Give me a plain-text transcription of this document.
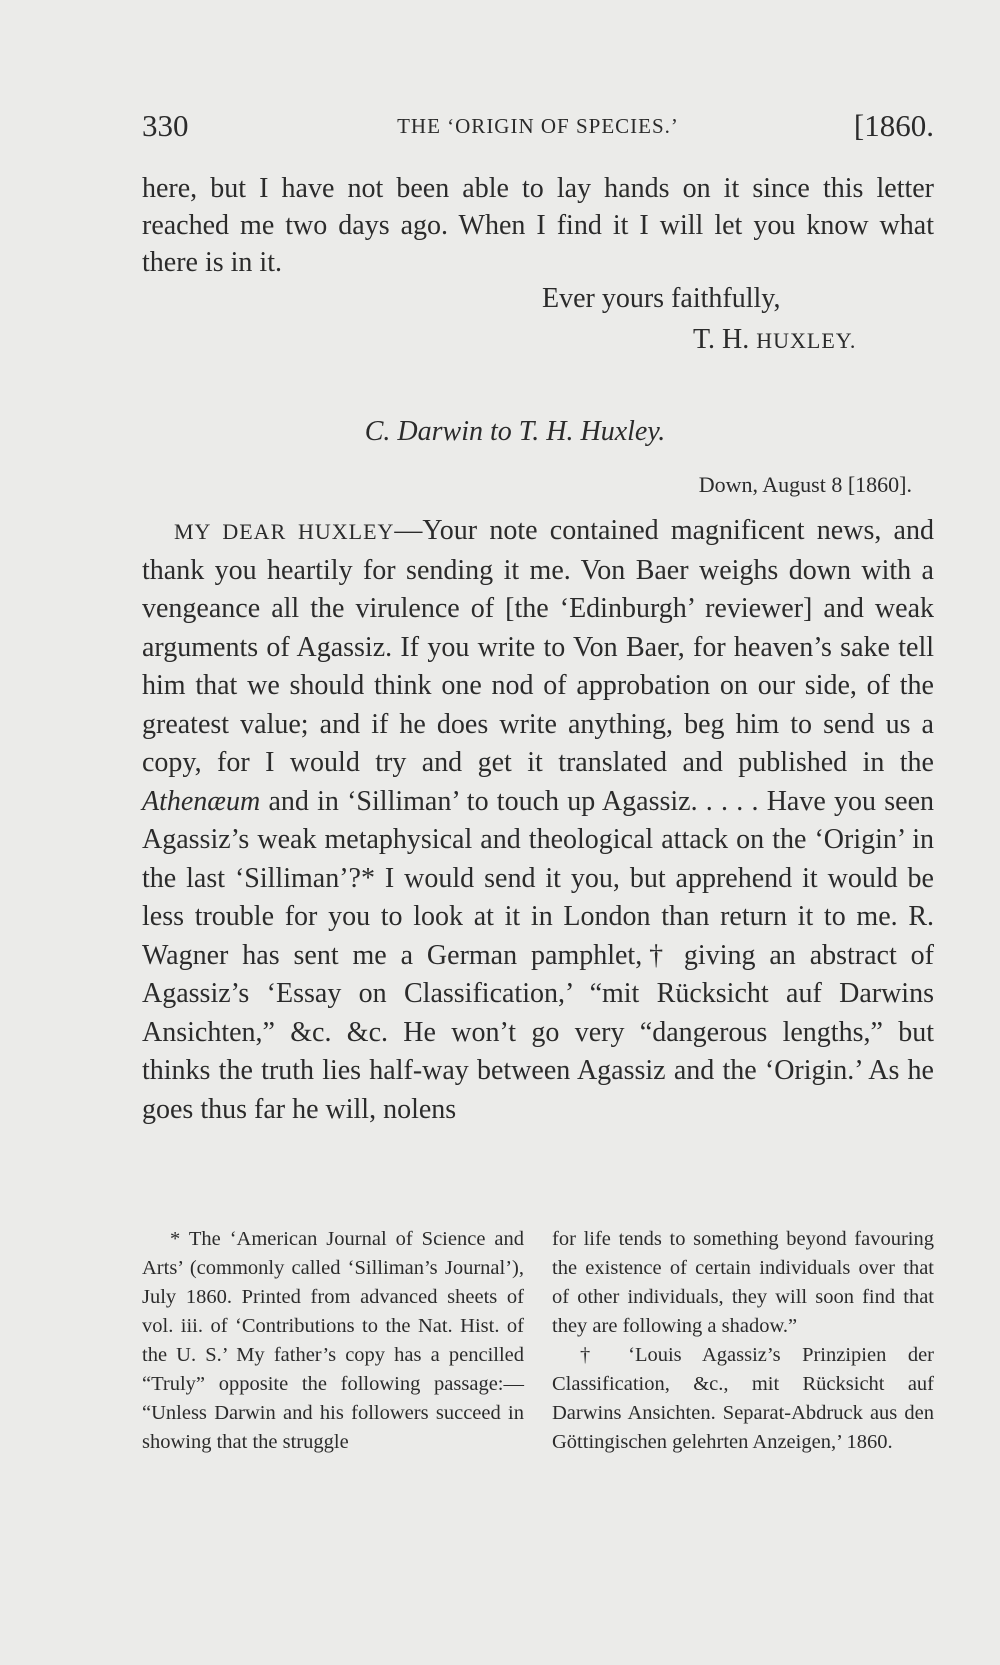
330	THE ‘ORIGIN OF SPECIES.’	[1860.
here, but I have not been able to lay hands on it since this letter reached me two days ago. When I find it I will let you know what there is in it.
Ever yours faithfully,
T. H. HUXLEY.
C. Darwin to T. H. Huxley.
Down, August 8 [1860].
MY DEAR HUXLEY—Your note contained magnificent news, and thank you heartily for sending it me. Von Baer weighs down with a vengeance all the virulence of [the ‘Edinburgh’ reviewer] and weak arguments of Agassiz. If you write to Von Baer, for heaven’s sake tell him that we should think one nod of approbation on our side, of the greatest value; and if he does write anything, beg him to send us a copy, for I would try and get it translated and published in the Athenæum and in ‘Silliman’ to touch up Agassiz. . . . . Have you seen Agassiz’s weak metaphysical and theological attack on the ‘Origin’ in the last ‘Silliman’?* I would send it you, but apprehend it would be less trouble for you to look at it in London than return it to me. R. Wagner has sent me a German pamphlet,† giving an abstract of Agassiz’s ‘Essay on Classification,’ “mit Rücksicht auf Darwins Ansichten,” &c. &c. He won’t go very “dangerous lengths,” but thinks the truth lies half-way between Agassiz and the ‘Origin.’ As he goes thus far he will, nolens

* The ‘American Journal of Science and Arts’ (commonly called ‘Silliman’s Journal’), July 1860. Printed from advanced sheets of vol. iii. of ‘Contributions to the Nat. Hist. of the U. S.’ My father’s copy has a pencilled “Truly” opposite the following passage:— “Unless Darwin and his followers succeed in showing that the struggle

for life tends to something beyond favouring the existence of certain individuals over that of other individuals, they will soon find that they are following a shadow.”

† ‘Louis Agassiz’s Prinzipien der Classification, &c., mit Rücksicht auf Darwins Ansichten. Separat-Abdruck aus den Göttingischen gelehrten Anzeigen,’ 1860.
